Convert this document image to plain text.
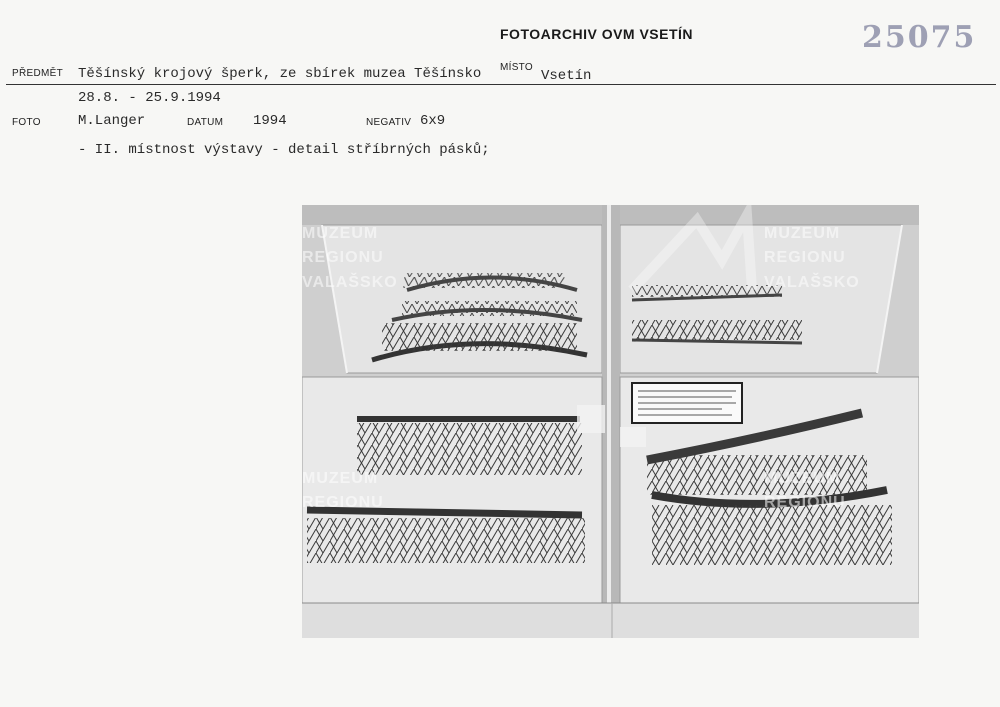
FOTOARCHIV OVM VSETÍN	25075
PŘEDMĚT Těšínský krojový šperk, ze sbírek muzea Těšínsko MÍSTO
Vsetín
28.8. - 25.9.1994
FOTO	M.Langer	DATUM 1994	NEGATIV 6x9
- II. místnost výstavy - detail stříbrných pásků;
MUZEUM
REGIONU
VALAŠSKO
MUZEUM
REGIONU
VALAŠSKO
MUZEUM
REGIONU
MUZEUM
REGIONU
